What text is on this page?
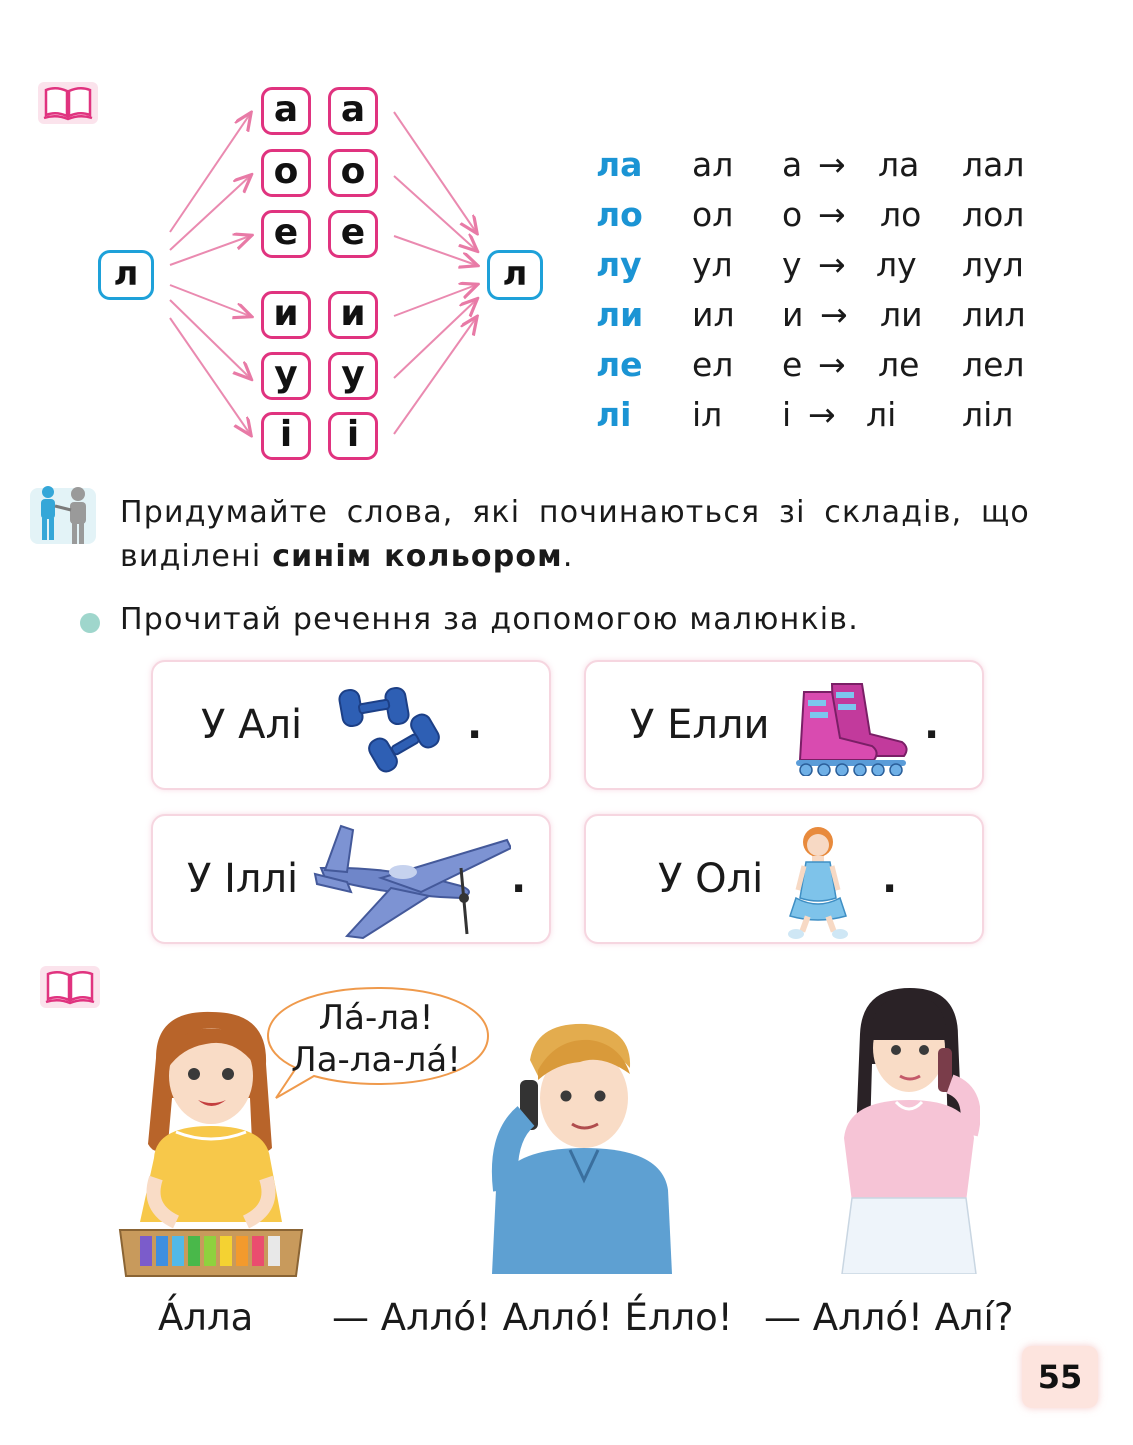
л	л
а
о
е
и
у
і
а
о
е
и
у
і
ла ал а → ла лал
ло ол о → ло лол
лу ул у → лу лул
ли ил и → ли лил
ле ел е → ле лел
лі іл і → лі ліл
Придумайте слова, які починаються зі складів, що
виділені синім кольором.
Прочитай речення за допомогою малюнків.
У Алі	.	У Елли	.
У Іллі	.	У Олі	.
Ла́-ла!
Ла-ла-ла́!
А́лла — Алло́! Алло́! Е́лло! — Алло́! Алі́?
55
